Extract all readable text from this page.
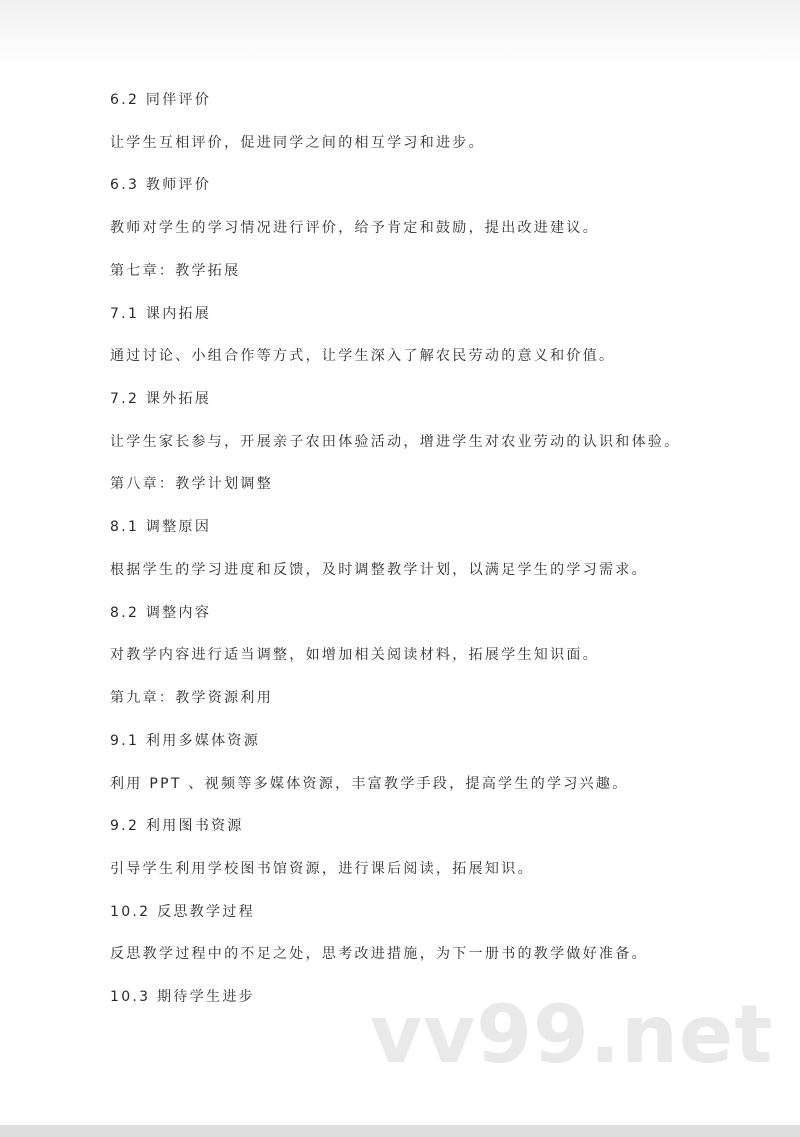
6.2 同伴评价
让学生互相评价，促进同学之间的相互学习和进步。
6.3 教师评价
教师对学生的学习情况进行评价，给予肯定和鼓励，提出改进建议。
第七章：教学拓展
7.1 课内拓展
通过讨论、小组合作等方式，让学生深入了解农民劳动的意义和价值。
7.2 课外拓展
让学生家长参与，开展亲子农田体验活动，增进学生对农业劳动的认识和体验。
第八章：教学计划调整
8.1 调整原因
根据学生的学习进度和反馈，及时调整教学计划，以满足学生的学习需求。
8.2 调整内容
对教学内容进行适当调整，如增加相关阅读材料，拓展学生知识面。
第九章：教学资源利用
9.1 利用多媒体资源
利用 PPT 、视频等多媒体资源，丰富教学手段，提高学生的学习兴趣。
9.2 利用图书资源
引导学生利用学校图书馆资源，进行课后阅读，拓展知识。
10.2 反思教学过程
反思教学过程中的不足之处，思考改进措施，为下一册书的教学做好准备。
10.3 期待学生进步 vv99.net
